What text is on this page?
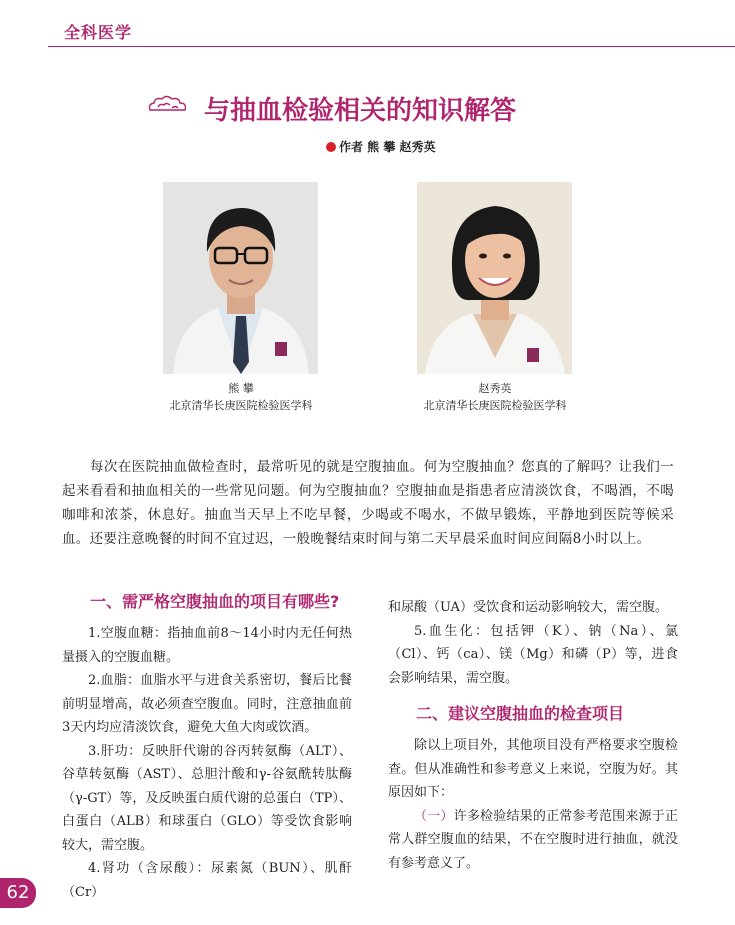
全科医学
与抽血检验相关的知识解答
作者 熊 攀 赵秀英
熊 攀
北京清华长庚医院检验医学科
赵秀英
北京清华长庚医院检验医学科

每次在医院抽血做检查时，最常听见的就是空腹抽血。何为空腹抽血？您真的了解吗？让我们一起来看看和抽血相关的一些常见问题。何为空腹抽血？空腹抽血是指患者应清淡饮食，不喝酒，不喝咖啡和浓茶，休息好。抽血当天早上不吃早餐，少喝或不喝水，不做早锻炼，平静地到医院等候采血。还要注意晚餐的时间不宜过迟，一般晚餐结束时间与第二天早晨采血时间应间隔8小时以上。

一、需严格空腹抽血的项目有哪些?

1.空腹血糖：指抽血前8～14小时内无任何热量摄入的空腹血糖。

2.血脂：血脂水平与进食关系密切，餐后比餐前明显增高，故必须查空腹血。同时，注意抽血前3天内均应清淡饮食，避免大鱼大肉或饮酒。

3.肝功：反映肝代谢的谷丙转氨酶（ALT）、谷草转氨酶（AST）、总胆汁酸和γ-谷氨酰转肽酶（γ-GT）等，及反映蛋白质代谢的总蛋白（TP）、白蛋白（ALB）和球蛋白（GLO）等受饮食影响较大，需空腹。

4.肾功（含尿酸）：尿素氮（BUN）、肌酐（Cr）

和尿酸（UA）受饮食和运动影响较大，需空腹。

5.血生化：包括钾（K）、钠（Na）、氯（Cl）、钙（ca）、镁（Mg）和磷（P）等，进食会影响结果，需空腹。

二、建议空腹抽血的检查项目

除以上项目外，其他项目没有严格要求空腹检查。但从准确性和参考意义上来说，空腹为好。其原因如下：

（一）许多检验结果的正常参考范围来源于正常人群空腹血的结果，不在空腹时进行抽血，就没有参考意义了。

62
